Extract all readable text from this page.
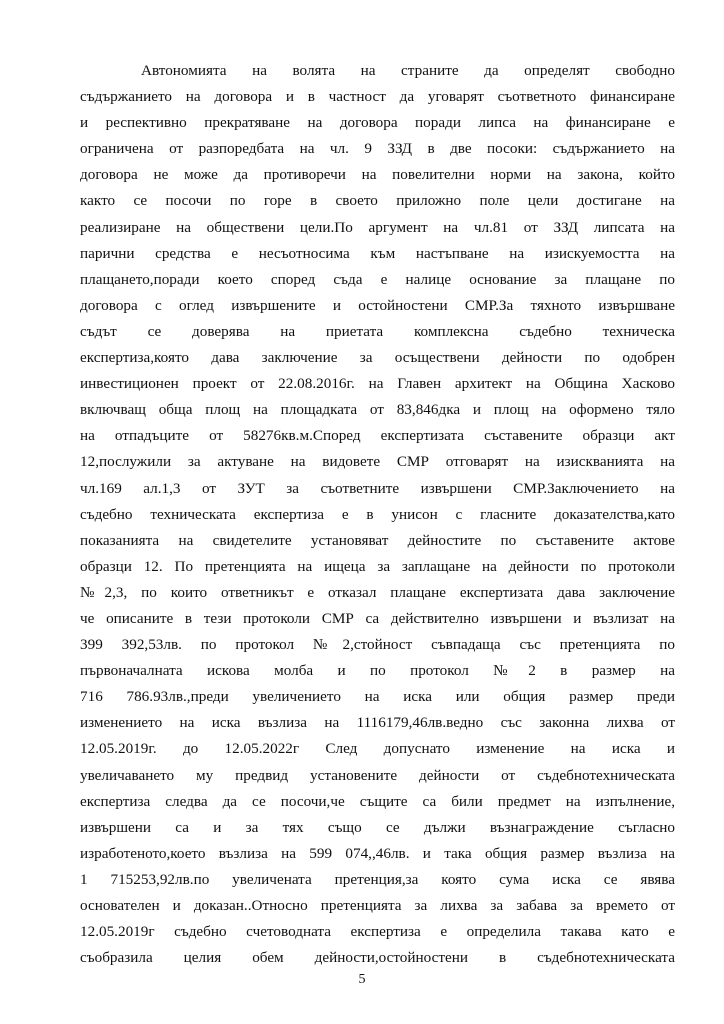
Автономията на волята на страните да определят свободно
съдържанието на договора и в частност да уговарят съответното финансиране
и респективно прекратяване на договора поради липса на финансиране е
ограничена от разпоредбата на чл. 9 ЗЗД в две посоки: съдържанието на
договора не може да противоречи на повелителни норми на закона, който
както се посочи по горе в своето приложно поле цели достигане на
реализиране на обществени цели.По аргумент на чл.81 от ЗЗД липсата на
парични средства е несъотносима към настъпване на изискуемостта на
плащането,поради което според съда е налице основание за плащане по
договора с оглед извършените и остойностени СМР.За тяхното извършване
съдът се доверява на приетата комплексна съдебно техническа
експертиза,която дава заключение за осъществени дейности по одобрен
инвестиционен проект от 22.08.2016г. на Главен архитект на Община Хасково
включващ обща площ на площадката от 83,846дка и площ на оформено тяло
на отпадъците от 58276кв.м.Според експертизата съставените образци акт
12,послужили за актуване на видовете СМР отговарят на изискванията на
чл.169 ал.1,3 от ЗУТ за съответните извършени СМР.Заключението на
съдебно техническата експертиза е в унисон с гласните доказателства,като
показанията на свидетелите установяват дейностите по съставените актове
образци 12. По претенцията на ищеца за заплащане на дейности по протоколи
№2,3, по които ответникът е отказал плащане експертизата дава заключение
че описаните в тези протоколи СМР са действително извършени и възлизат на
399 392,53лв. по протокол №2,стойност съвпадаща със претенцията по
първоначалната искова молба и по протокол №2 в размер на
716 786.93лв.,преди увеличението на иска или общия размер преди
изменението на иска възлиза на 1116179,46лв.ведно със законна лихва от
12.05.2019г. до 12.05.2022г След допуснато изменение на иска и
увеличаването му предвид установените дейности от съдебнотехническата
експертиза следва да се посочи,че същите са били предмет на изпълнение,
извършени са и за тях също се дължи възнаграждение съгласно
изработеното,което възлиза на 599 074,,46лв. и така общия размер възлиза на
1 715253,92лв.по увеличената претенция,за която сума иска се явява
основателен и доказан..Относно претенцията за лихва за забава за времето от
12.05.2019г съдебно счетоводната експертиза е определила такава като е
съобразила целия обем дейности,остойностени в съдебнотехническата
5
